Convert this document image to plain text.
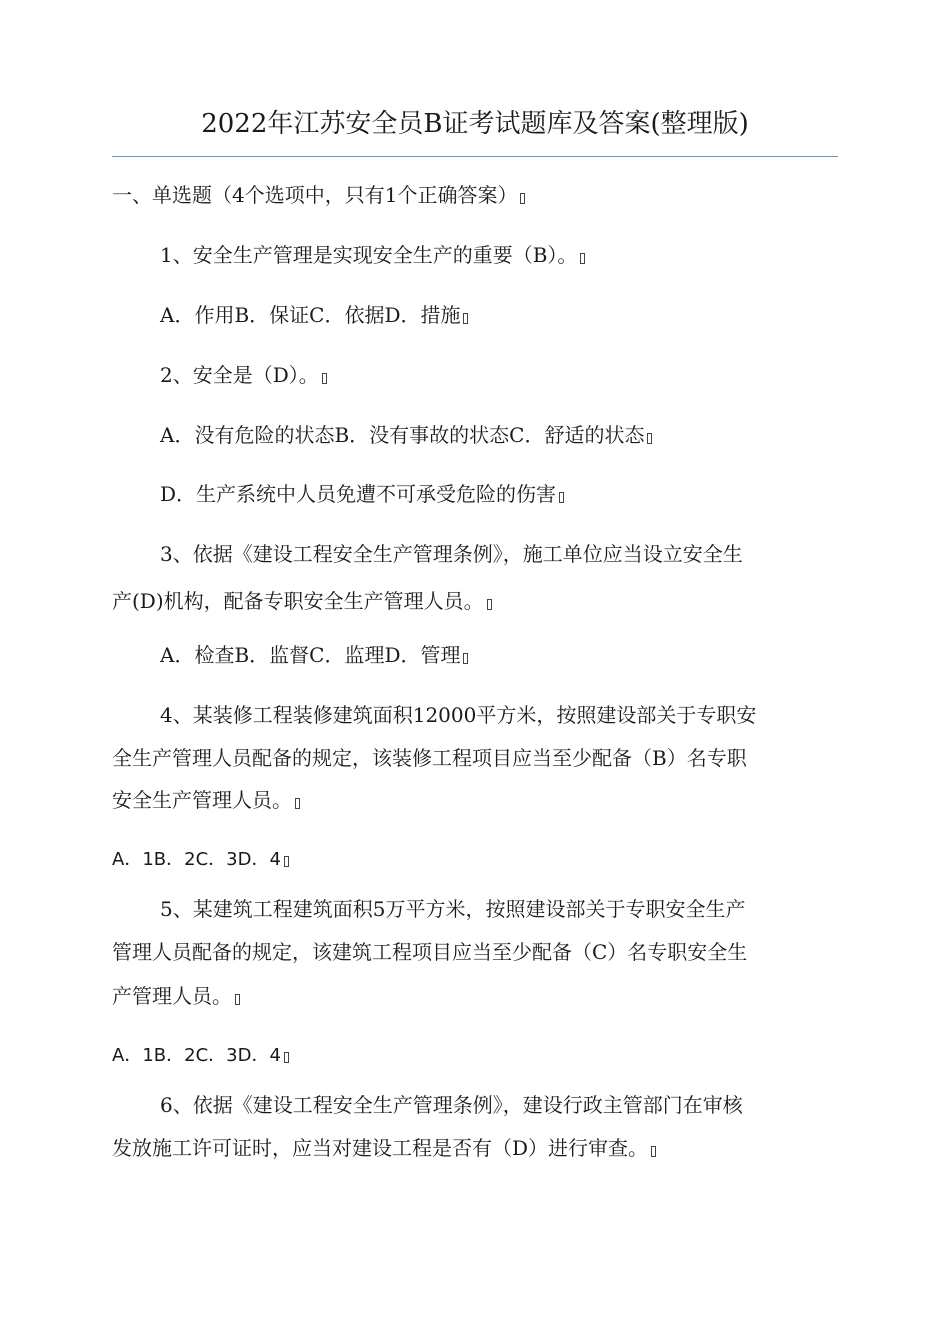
2022年江苏安全员B证考试题库及答案(整理版)
一、单选题（4个选项中，只有1个正确答案）
1、安全生产管理是实现安全生产的重要（B）。
A．作用B．保证C．依据D．措施
2、安全是（D）。
A．没有危险的状态B．没有事故的状态C．舒适的状态
D．生产系统中人员免遭不可承受危险的伤害
3、依据《建设工程安全生产管理条例》，施工单位应当设立安全生
产(D)机构，配备专职安全生产管理人员。
A．检查B．监督C．监理D．管理
4、某装修工程装修建筑面积12000平方米，按照建设部关于专职安
全生产管理人员配备的规定，该装修工程项目应当至少配备（B）名专职
安全生产管理人员。
A．1B．2C．3D．4
5、某建筑工程建筑面积5万平方米，按照建设部关于专职安全生产
管理人员配备的规定，该建筑工程项目应当至少配备（C）名专职安全生
产管理人员。
A．1B．2C．3D．4
6、依据《建设工程安全生产管理条例》，建设行政主管部门在审核
发放施工许可证时，应当对建设工程是否有（D）进行审查。
